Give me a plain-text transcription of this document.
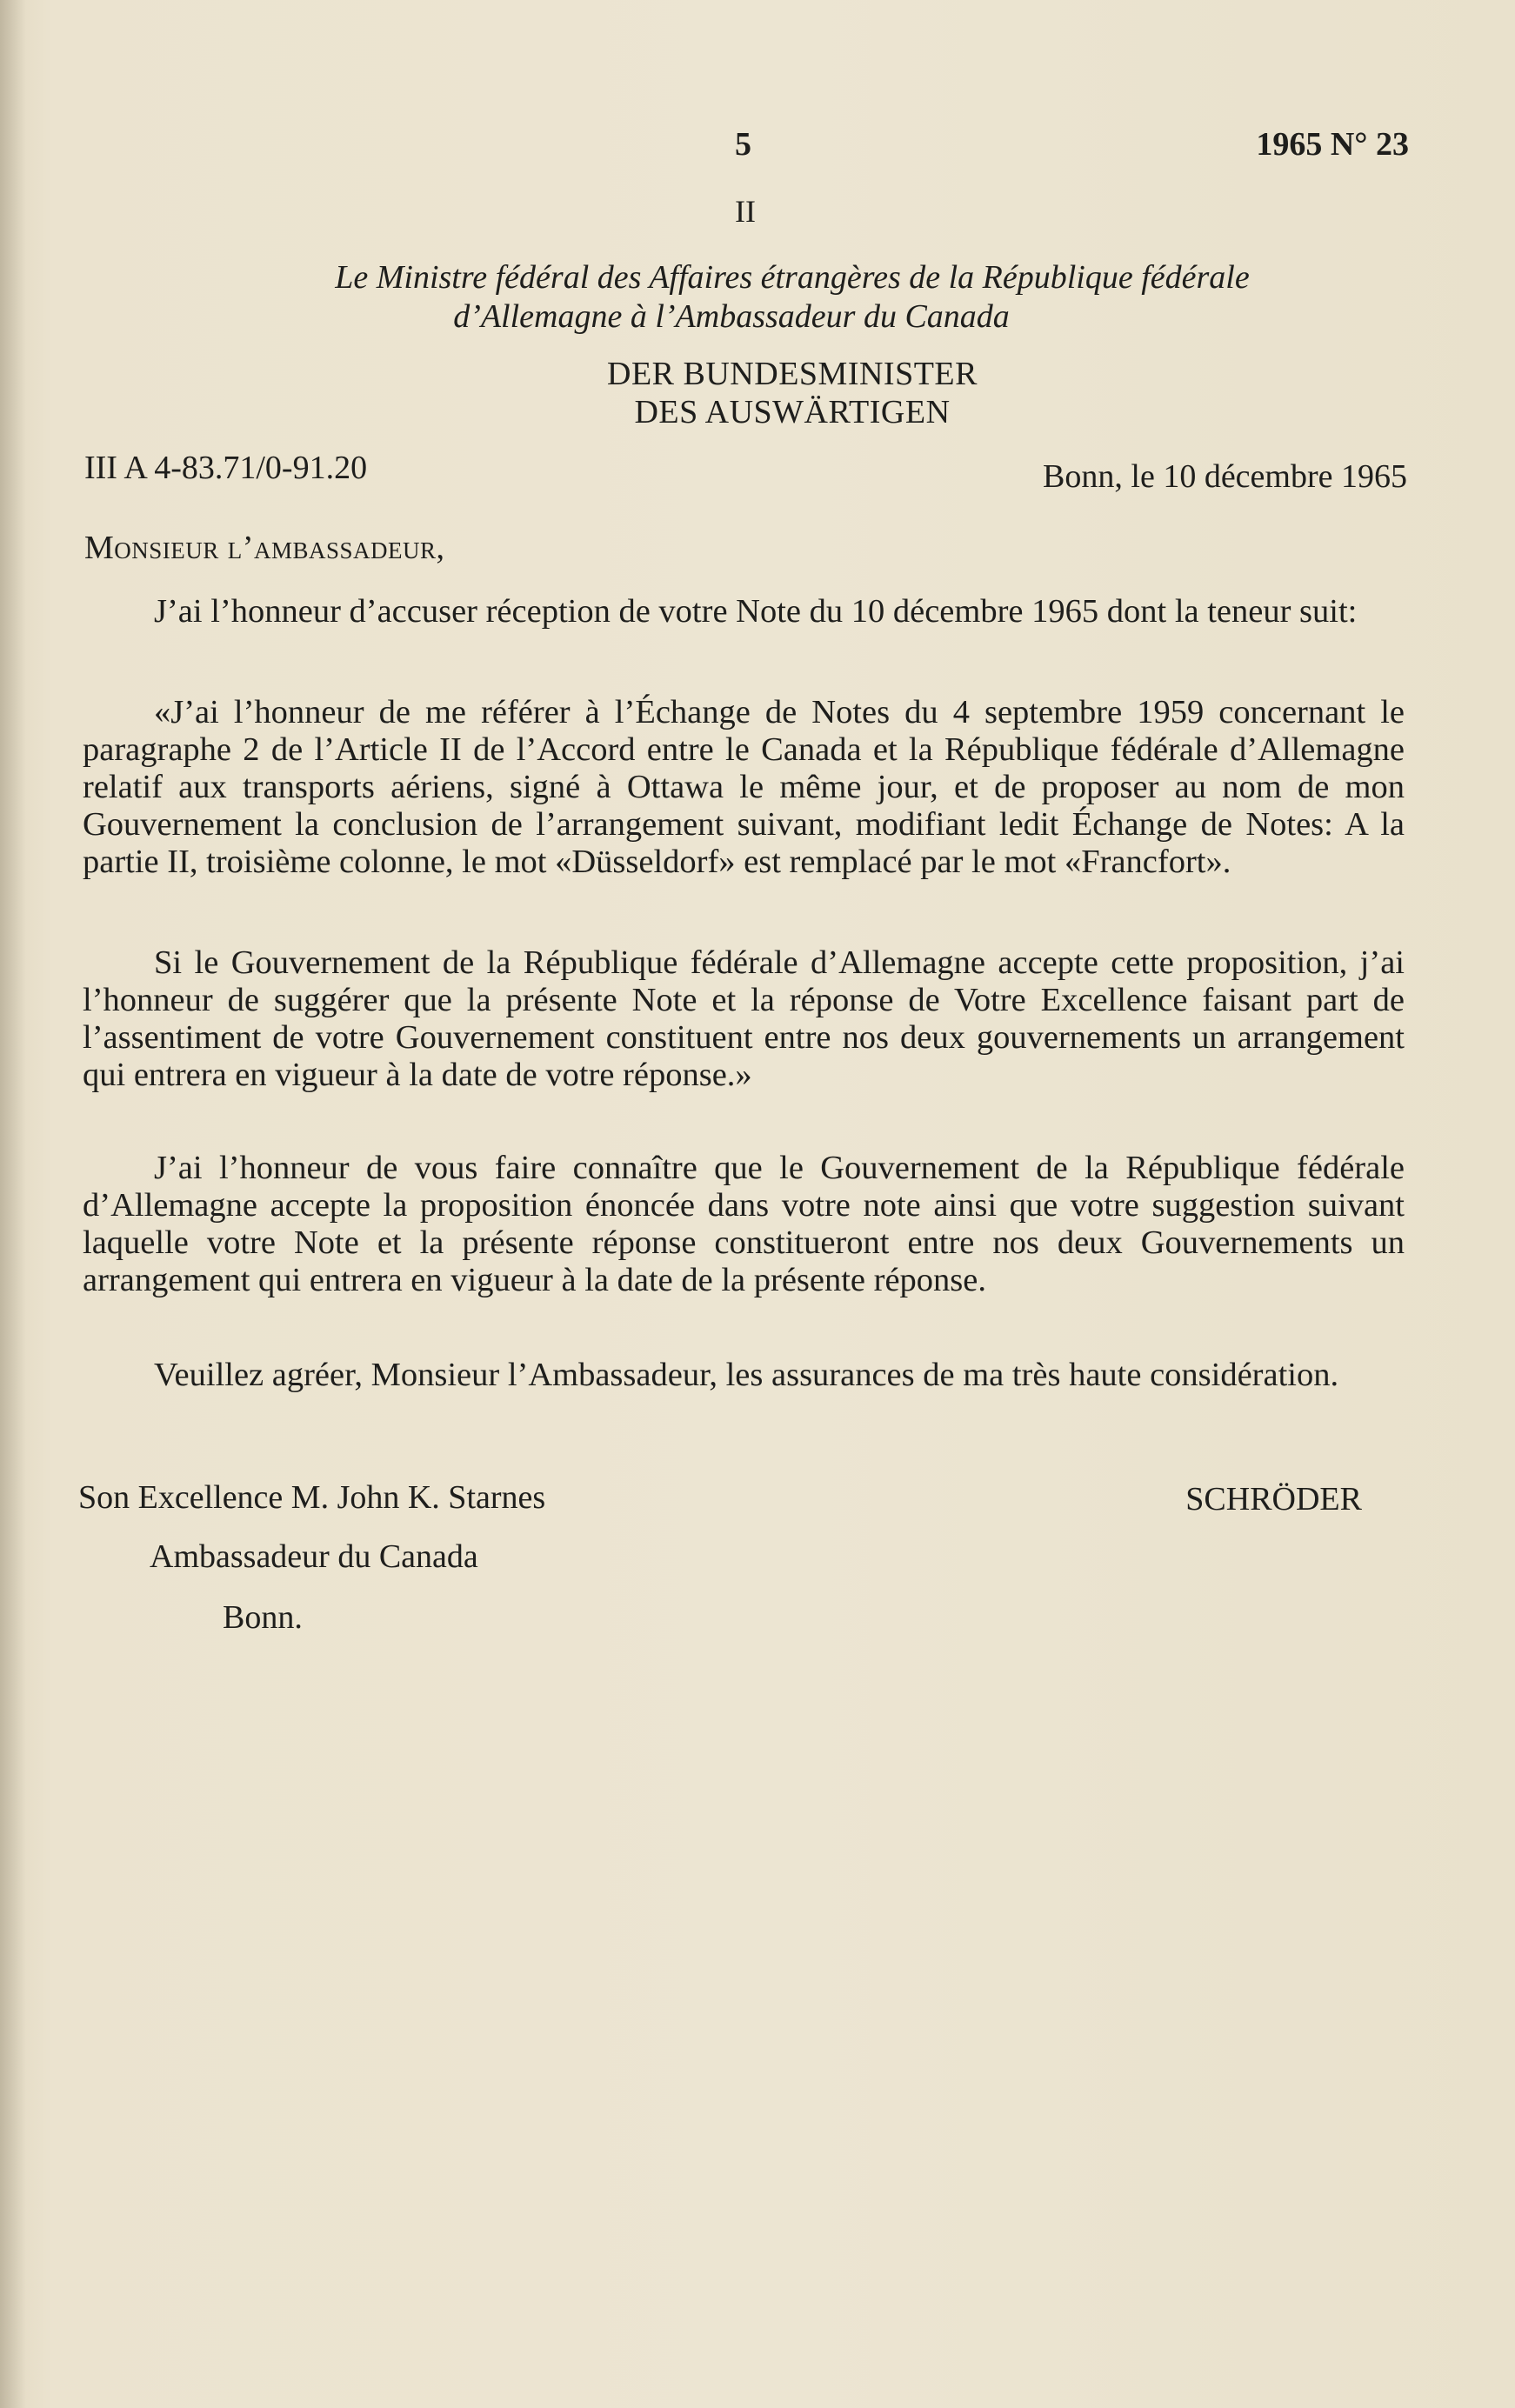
5	1965 N° 23
II
Le Ministre fédéral des Affaires étrangères de la République fédérale
d’Allemagne à l’Ambassadeur du Canada
DER BUNDESMINISTER
DES AUSWÄRTIGEN
III A 4-83.71/0-91.20	Bonn, le 10 décembre 1965
Monsieur l’ambassadeur,
J’ai l’honneur d’accuser réception de votre Note du 10 décembre 1965 dont la teneur suit:
«J’ai l’honneur de me référer à l’Échange de Notes du 4 septembre 1959 concernant le paragraphe 2 de l’Article II de l’Accord entre le Canada et la République fédérale d’Allemagne relatif aux transports aériens, signé à Ottawa le même jour, et de proposer au nom de mon Gouvernement la conclusion de l’arrangement suivant, modifiant ledit Échange de Notes: A la partie II, troisième colonne, le mot «Düsseldorf» est remplacé par le mot «Francfort».
Si le Gouvernement de la République fédérale d’Allemagne accepte cette proposition, j’ai l’honneur de suggérer que la présente Note et la réponse de Votre Excellence faisant part de l’assentiment de votre Gouvernement constituent entre nos deux gouvernements un arrangement qui entrera en vigueur à la date de votre réponse.»
J’ai l’honneur de vous faire connaître que le Gouvernement de la République fédérale d’Allemagne accepte la proposition énoncée dans votre note ainsi que votre suggestion suivant laquelle votre Note et la présente réponse constitueront entre nos deux Gouvernements un arrangement qui entrera en vigueur à la date de la présente réponse.
Veuillez agréer, Monsieur l’Ambassadeur, les assurances de ma très haute considération.
Son Excellence M. John K. Starnes
Ambassadeur du Canada
Bonn.
SCHRÖDER
